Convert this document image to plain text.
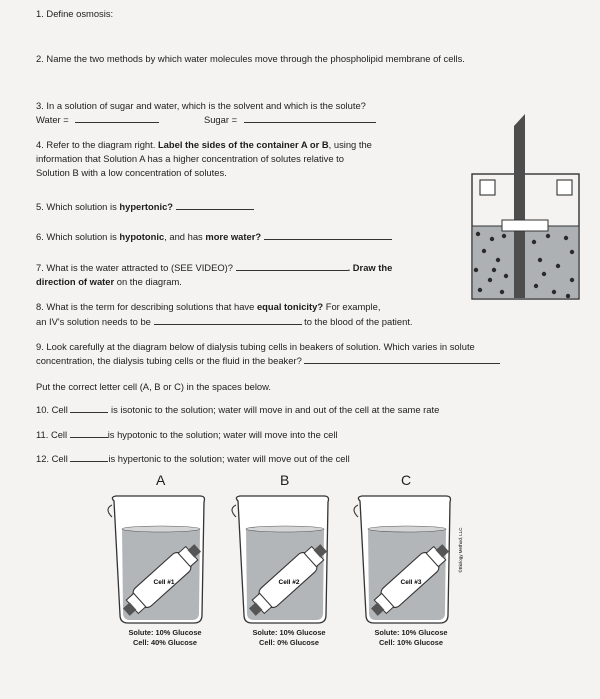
1. Define osmosis:
2. Name the two methods by which water molecules move through the phospholipid membrane of cells.
3. In a solution of sugar and water, which is the solvent and which is the solute?
Water =	Sugar =
4. Refer to the diagram right. Label the sides of the container A or B, using the
information that Solution A has a higher concentration of solutes relative to
Solution B with a low concentration of solutes.
5. Which solution is hypertonic?
6. Which solution is hypotonic, and has more water?
7. What is the water attracted to (SEE VIDEO)?	. Draw the
direction of water on the diagram.
8. What is the term for describing solutions that have equal tonicity? For example,
an IV's solution needs to be	to the blood of the patient.
9. Look carefully at the diagram below of dialysis tubing cells in beakers of solution. Which varies in solute
concentration, the dialysis tubing cells or the fluid in the beaker?
Put the correct letter cell (A, B or C) in the spaces below.
10. Cell	is isotonic to the solution; water will move in and out of the cell at the same rate
11. Cell	is hypotonic to the solution; water will move into the cell
12. Cell	is hypertonic to the solution; water will move out of the cell
A	B	C
Cell #1	Cell #2	Cell #3
©Biology Method, LLC
Solute: 10% Glucose
Cell: 40% Glucose
Solute: 10% Glucose
Cell: 0% Glucose
Solute: 10% Glucose
Cell: 10% Glucose
